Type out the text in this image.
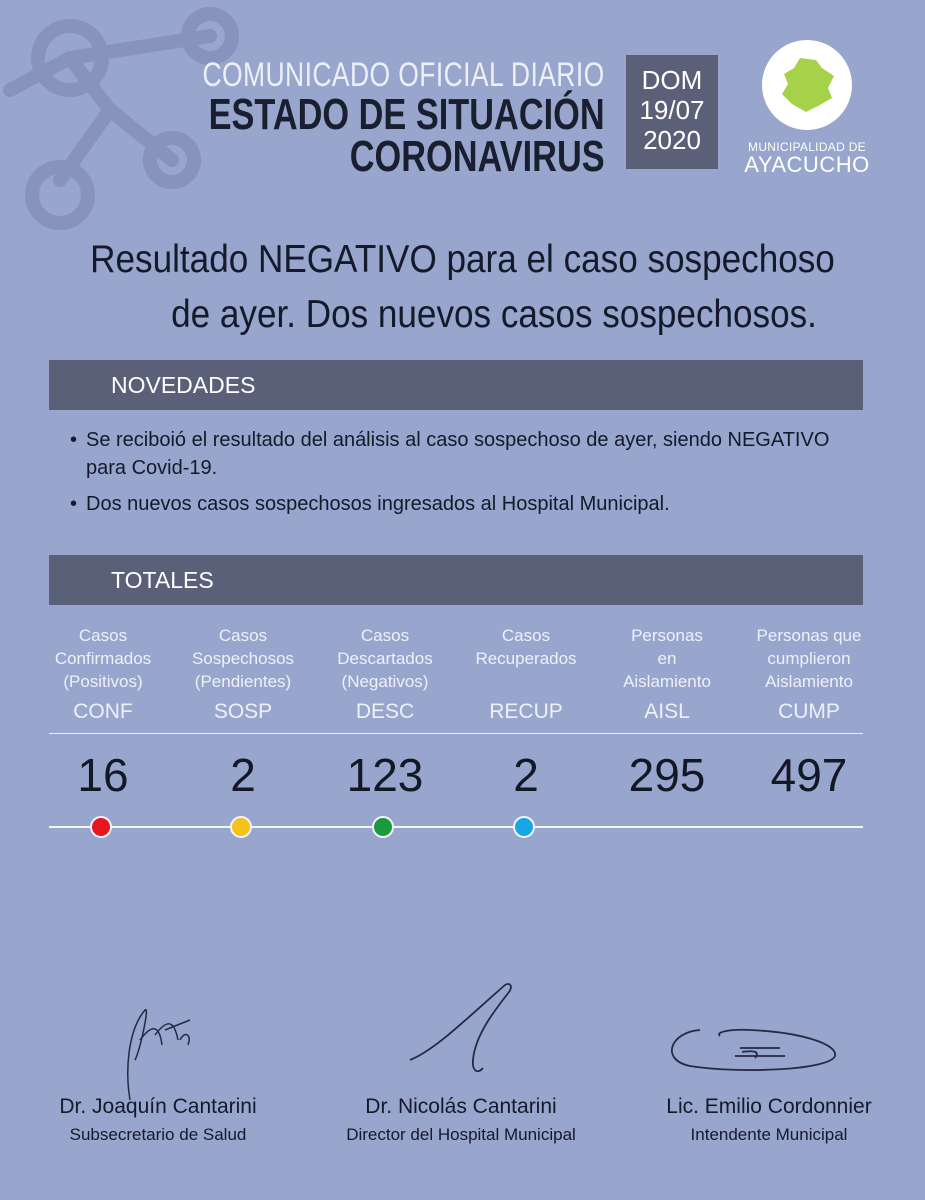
COMUNICADO OFICIAL DIARIO
ESTADO DE SITUACIÓN
CORONAVIRUS
DOM
19/07
2020	MUNICIPALIDAD DE
AYACUCHO
Resultado NEGATIVO para el caso sospechoso
de ayer. Dos nuevos casos sospechosos.
NOVEDADES
• Se reciboió el resultado del análisis al caso sospechoso de ayer, siendo NEGATIVO para Covid-19.
• Dos nuevos casos sospechosos ingresados al Hospital Municipal.
TOTALES
Casos
Confirmados
(Positivos)
CONF
16
Casos
Sospechosos
(Pendientes)
SOSP
2
Casos
Descartados
(Negativos)
DESC
123
Casos
Recuperados

RECUP
2
Personas
en
Aislamiento
AISL
295
Personas que
cumplieron
Aislamiento
CUMP
497
Dr. Joaquín Cantarini
Subsecretario de Salud
Dr. Nicolás Cantarini
Director del Hospital Municipal
Lic. Emilio Cordonnier
Intendente Municipal
